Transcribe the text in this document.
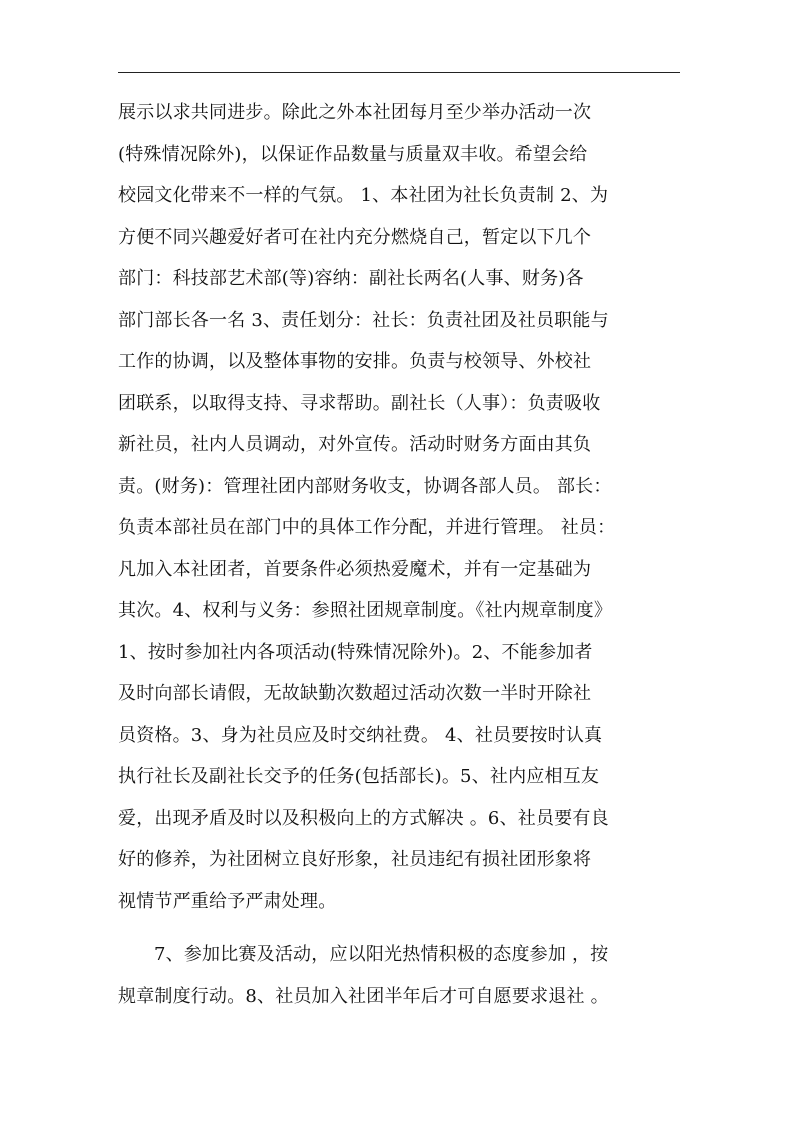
展示以求共同进步。除此之外本社团每月至少举办活动一次
(特殊情况除外)，以保证作品数量与质量双丰收。希望会给
校园文化带来不一样的气氛。 1、本社团为社长负责制 2、为
方便不同兴趣爱好者可在社内充分燃烧自己，暂定以下几个
部门：科技部艺术部(等)容纳：副社长两名(人事、财务)各
部门部长各一名 3、责任划分：社长：负责社团及社员职能与
工作的协调，以及整体事物的安排。负责与校领导、外校社
团联系，以取得支持、寻求帮助。副社长（人事）：负责吸收
新社员，社内人员调动，对外宣传。活动时财务方面由其负
责。(财务)：管理社团内部财务收支，协调各部人员。 部长：
负责本部社员在部门中的具体工作分配，并进行管理。 社员：
凡加入本社团者，首要条件必须热爱魔术，并有一定基础为
其次。4、权利与义务：参照社团规章制度。《社内规章制度》
1、按时参加社内各项活动(特殊情况除外)。2、不能参加者
及时向部长请假，无故缺勤次数超过活动次数一半时开除社
员资格。3、身为社员应及时交纳社费。 4、社员要按时认真
执行社长及副社长交予的任务(包括部长)。5、社内应相互友
爱，出现矛盾及时以及积极向上的方式解决 。6、社员要有良
好的修养，为社团树立良好形象，社员违纪有损社团形象将
视情节严重给予严肃处理。
7、参加比赛及活动，应以阳光热情积极的态度参加 ，按
规章制度行动。8、社员加入社团半年后才可自愿要求退社 。
